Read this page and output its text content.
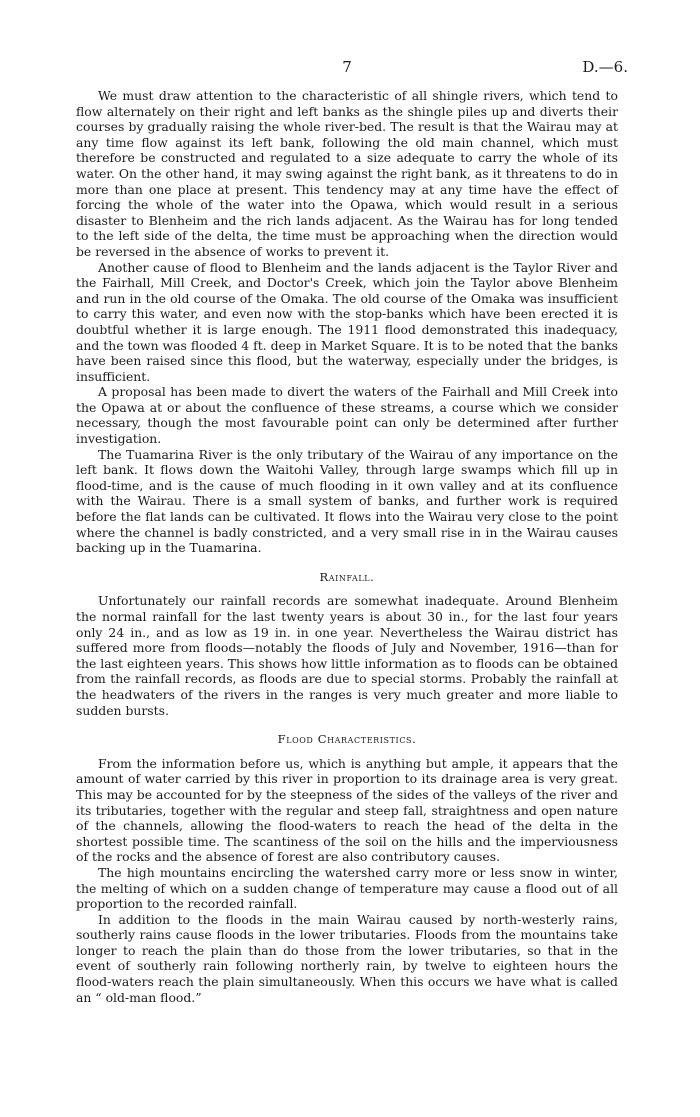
7	D.—6.

We must draw attention to the characteristic of all shingle rivers, which tend to flow alternately on their right and left banks as the shingle piles up and diverts their courses by gradually raising the whole river-bed. The result is that the Wairau may at any time flow against its left bank, following the old main channel, which must therefore be constructed and regulated to a size adequate to carry the whole of its water. On the other hand, it may swing against the right bank, as it threatens to do in more than one place at present. This tendency may at any time have the effect of forcing the whole of the water into the Opawa, which would result in a serious disaster to Blenheim and the rich lands adjacent. As the Wairau has for long tended to the left side of the delta, the time must be approaching when the direction would be reversed in the absence of works to prevent it.

Another cause of flood to Blenheim and the lands adjacent is the Taylor River and the Fairhall, Mill Creek, and Doctor's Creek, which join the Taylor above Blenheim and run in the old course of the Omaka. The old course of the Omaka was insufficient to carry this water, and even now with the stop-banks which have been erected it is doubtful whether it is large enough. The 1911 flood demonstrated this inadequacy, and the town was flooded 4 ft. deep in Market Square. It is to be noted that the banks have been raised since this flood, but the waterway, especially under the bridges, is insufficient.

A proposal has been made to divert the waters of the Fairhall and Mill Creek into the Opawa at or about the confluence of these streams, a course which we consider necessary, though the most favourable point can only be determined after further investigation.

The Tuamarina River is the only tributary of the Wairau of any importance on the left bank. It flows down the Waitohi Valley, through large swamps which fill up in flood-time, and is the cause of much flooding in it own valley and at its confluence with the Wairau. There is a small system of banks, and further work is required before the flat lands can be cultivated. It flows into the Wairau very close to the point where the channel is badly constricted, and a very small rise in in the Wairau causes backing up in the Tuamarina.

Rainfall.

Unfortunately our rainfall records are somewhat inadequate. Around Blenheim the normal rainfall for the last twenty years is about 30 in., for the last four years only 24 in., and as low as 19 in. in one year. Nevertheless the Wairau district has suffered more from floods—notably the floods of July and November, 1916—than for the last eighteen years. This shows how little information as to floods can be obtained from the rainfall records, as floods are due to special storms. Probably the rainfall at the headwaters of the rivers in the ranges is very much greater and more liable to sudden bursts.

Flood Characteristics.

From the information before us, which is anything but ample, it appears that the amount of water carried by this river in proportion to its drainage area is very great. This may be accounted for by the steepness of the sides of the valleys of the river and its tributaries, together with the regular and steep fall, straightness and open nature of the channels, allowing the flood-waters to reach the head of the delta in the shortest possible time. The scantiness of the soil on the hills and the imperviousness of the rocks and the absence of forest are also contributory causes.

The high mountains encircling the watershed carry more or less snow in winter, the melting of which on a sudden change of temperature may cause a flood out of all proportion to the recorded rainfall.

In addition to the floods in the main Wairau caused by north-westerly rains, southerly rains cause floods in the lower tributaries. Floods from the mountains take longer to reach the plain than do those from the lower tributaries, so that in the event of southerly rain following northerly rain, by twelve to eighteen hours the flood-waters reach the plain simultaneously. When this occurs we have what is called an “ old-man flood.”
